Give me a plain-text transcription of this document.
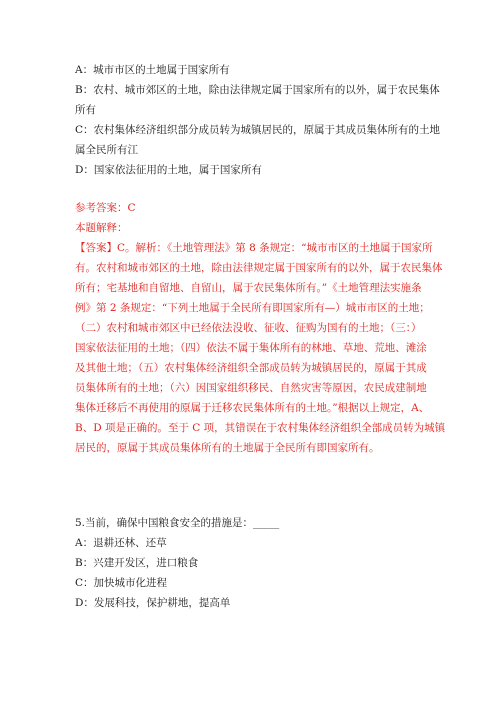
A：城市市区的土地属于国家所有
B：农村、城市郊区的土地，除由法律规定属于国家所有的以外，属于农民集体
所有
C：农村集体经济组织部分成员转为城镇居民的，原属于其成员集体所有的土地
属全民所有江
D：国家依法征用的土地，属于国家所有
参考答案：C
本题解释：
【答案】C。解析：《土地管理法》第 8 条规定：“城市市区的土地属于国家所
有。农村和城市郊区的土地，除由法律规定属于国家所有的以外，属于农民集体
所有；宅基地和自留地、自留山，属于农民集体所有。”《土地管理法实施条
例》第 2 条规定：“下列土地属于全民所有即国家所有—）城市市区的土地；
（二）农村和城市郊区中已经依法没收、征收、征购为国有的土地；（三：）
国家依法征用的土地；（四）依法不属于集体所有的林地、草地、荒地、滩涂
及其他土地；（五）农村集体经济组织全部成员转为城镇居民的，原属于其成
员集体所有的土地；（六）因国家组织移民、自然灾害等原因，农民成建制地
集体迁移后不再使用的原属于迁移农民集体所有的土地。”根据以上规定，A、
B、D 项是正确的。至于 C 项，其错误在于农村集体经济组织全部成员转为城镇
居民的，原属于其成员集体所有的土地属于全民所有即国家所有。
5.当前，确保中国粮食安全的措施是：_____
A：退耕还林、还草
B：兴建开发区，进口粮食
C：加快城市化进程
D：发展科技，保护耕地，提高单
